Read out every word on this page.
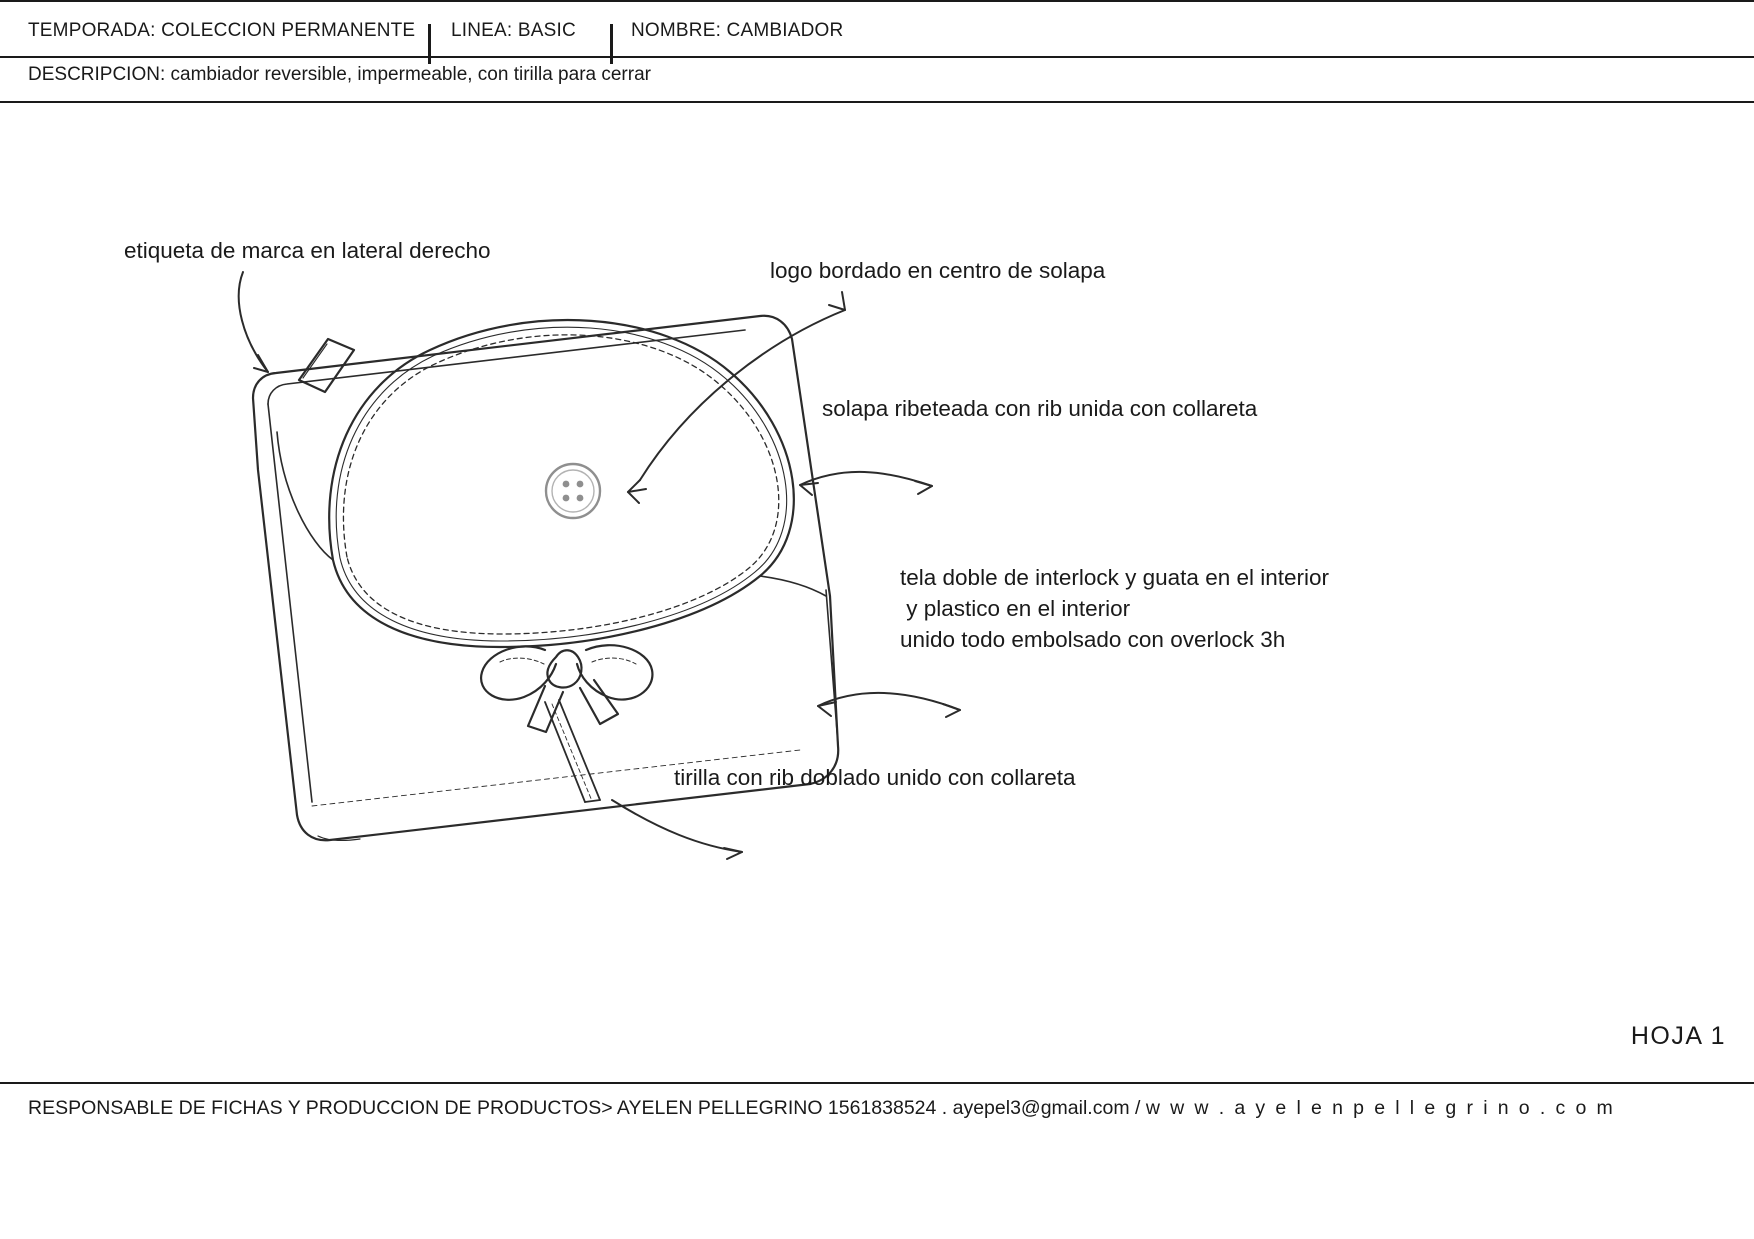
TEMPORADA: COLECCION PERMANENTE LINEA: BASIC	NOMBRE: CAMBIADOR
DESCRIPCION: cambiador reversible, impermeable, con tirilla para cerrar
etiqueta de marca en lateral derecho
logo bordado en centro de solapa
solapa ribeteada con rib unida con collareta
tela doble de interlock y guata en el interior
y plastico en el interior
unido todo embolsado con overlock 3h
tirilla con rib doblado unido con collareta
HOJA 1
RESPONSABLE DE FICHAS Y PRODUCCION DE PRODUCTOS> AYELEN PELLEGRINO 1561838524 . ayepel3@gmail.com / w w w . a y e l e n p e l l e g r i n o . c o m
